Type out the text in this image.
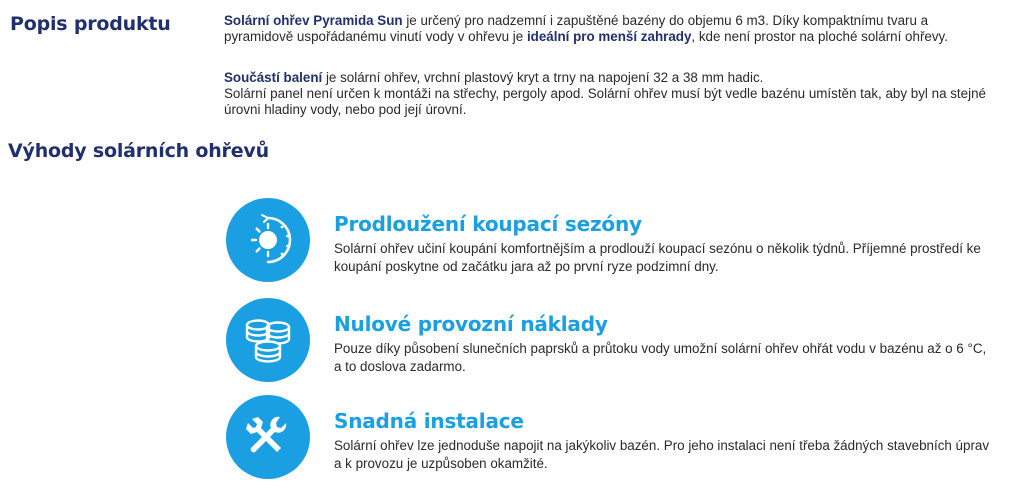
Popis produktu	Solární ohřev Pyramida Sun je určený pro nadzemní i zapuštěné bazény do objemu 6 m3. Díky kompaktnímu tvaru a pyramidově uspořádanému vinutí vody v ohřevu je ideální pro menší zahrady, kde není prostor na ploché solární ohřevy.

Součástí balení je solární ohřev, vrchní plastový kryt a trny na napojení 32 a 38 mm hadic.
Solární panel není určen k montáži na střechy, pergoly apod. Solární ohřev musí být vedle bazénu umístěn tak, aby byl na stejné úrovni hladiny vody, nebo pod její úrovní.

Výhody solárních ohřevů
Prodloužení koupací sezóny

Solární ohřev učiní koupání komfortnějším a prodlouží koupací sezónu o několik týdnů. Příjemné prostředí ke koupání poskytne od začátku jara až po první ryze podzimní dny.

Nulové provozní náklady

Pouze díky působení slunečních paprsků a průtoku vody umožní solární ohřev ohřát vodu v bazénu až o 6 °C, a to doslova zadarmo.

Snadná instalace

Solární ohřev lze jednoduše napojit na jakýkoliv bazén. Pro jeho instalaci není třeba žádných stavebních úprav a k provozu je uzpůsoben okamžité.
